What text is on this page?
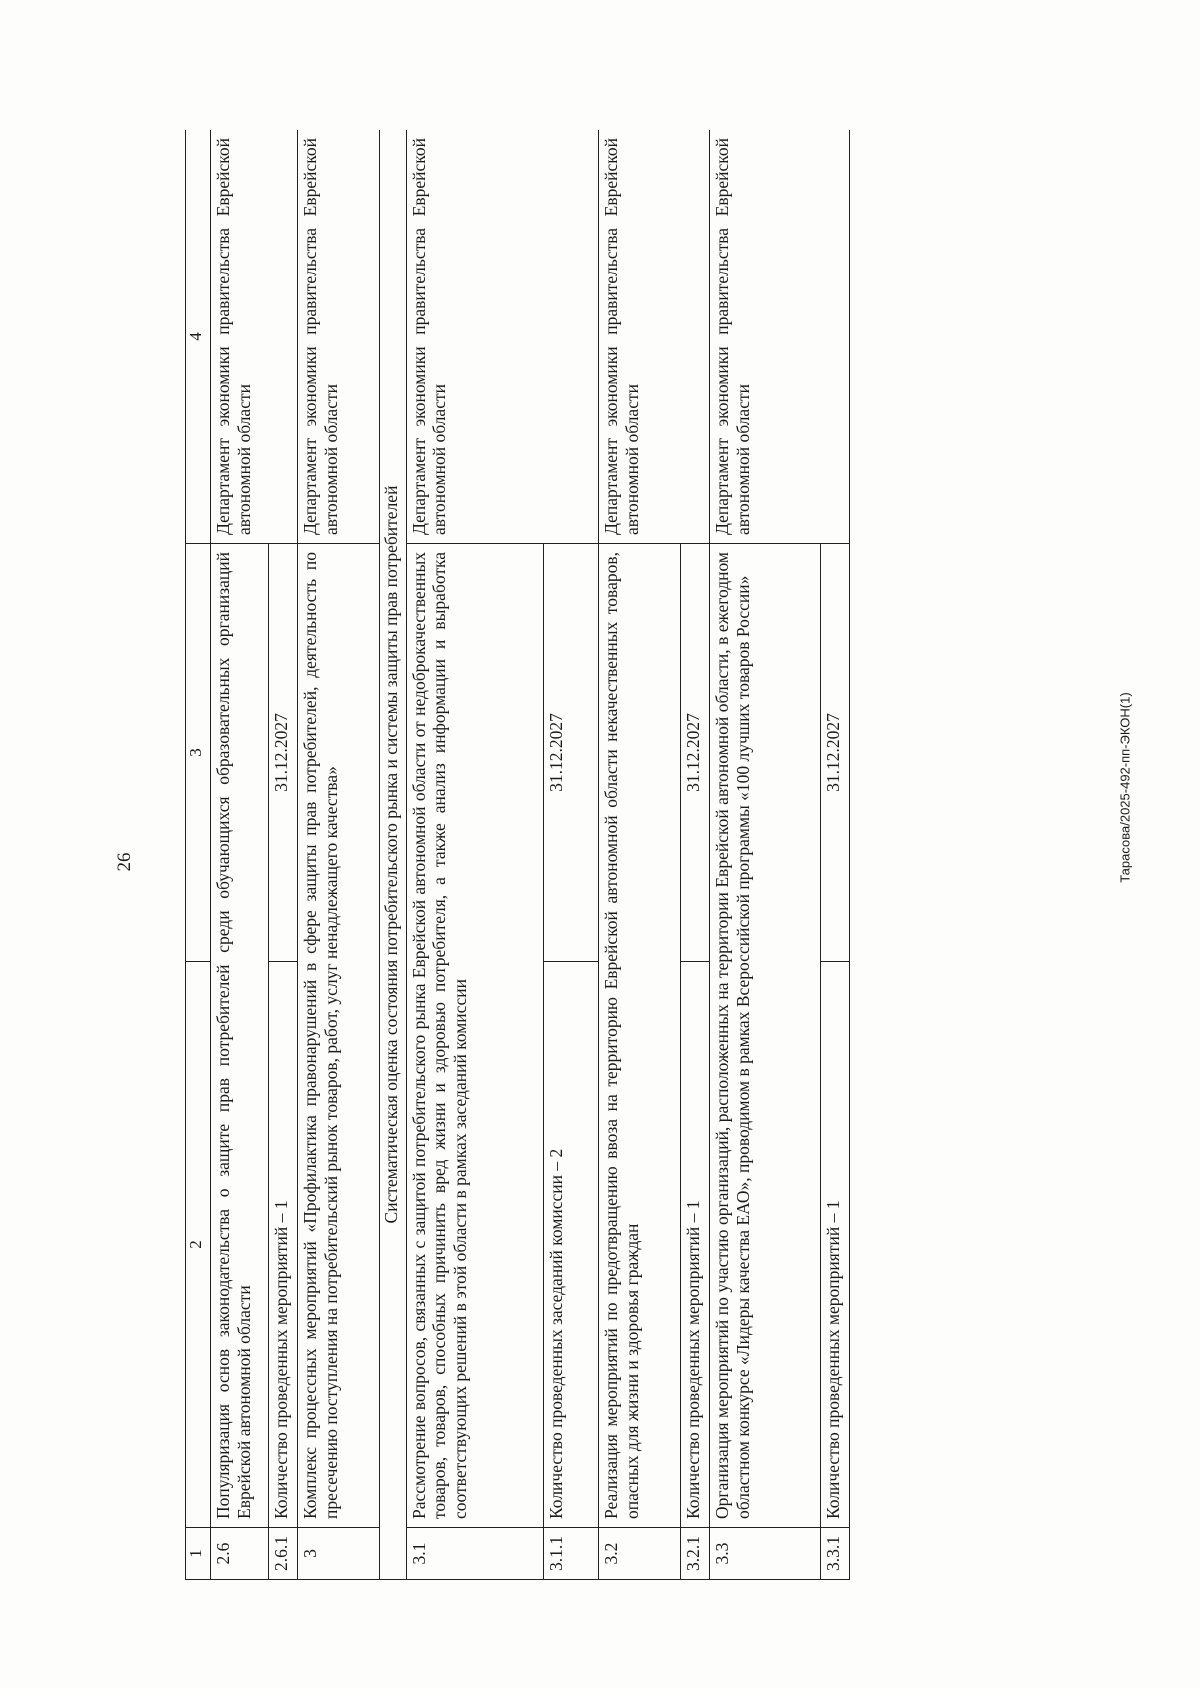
26	Тарасова/2025-492-пп-ЭКОН(1)
1	2	3	4
2.6	Популяризация основ законодательства о защите прав потребителей среди обучающихся образовательных организаций Еврейской автономной области		Департамент экономики правительства Еврейской автономной области
2.6.1	Количество проведенных мероприятий – 1	31.12.2027	
3	Комплекс процессных мероприятий «Профилактика правонарушений в сфере защиты прав потребителей, деятельность по пресечению поступления на потребительский рынок товаров, работ, услуг ненадлежащего качества»		Департамент экономики правительства Еврейской автономной области
Систематическая оценка состояния потребительского рынка и системы защиты прав потребителей			
3.1	Рассмотрение вопросов, связанных с защитой потребительского рынка Еврейской автономной области от недоброкачественных товаров, товаров, способных причинить вред жизни и здоровью потребителя, а также анализ информации и выработка соответствующих решений в этой области в рамках заседаний комиссии		Департамент экономики правительства Еврейской автономной области
3.1.1	Количество проведенных заседаний комиссии – 2	31.12.2027	
3.2	Реализация мероприятий по предотвращению ввоза на территорию Еврейской автономной области некачественных товаров, опасных для жизни и здоровья граждан		Департамент экономики правительства Еврейской автономной области
3.2.1	Количество проведенных мероприятий – 1	31.12.2027	
3.3	Организация мероприятий по участию организаций, расположенных на территории Еврейской автономной области, в ежегодном областном конкурсе «Лидеры качества ЕАО», проводимом в рамках Всероссийской программы «100 лучших товаров России»		Департамент экономики правительства Еврейской автономной области
3.3.1	Количество проведенных мероприятий – 1	31.12.2027	
